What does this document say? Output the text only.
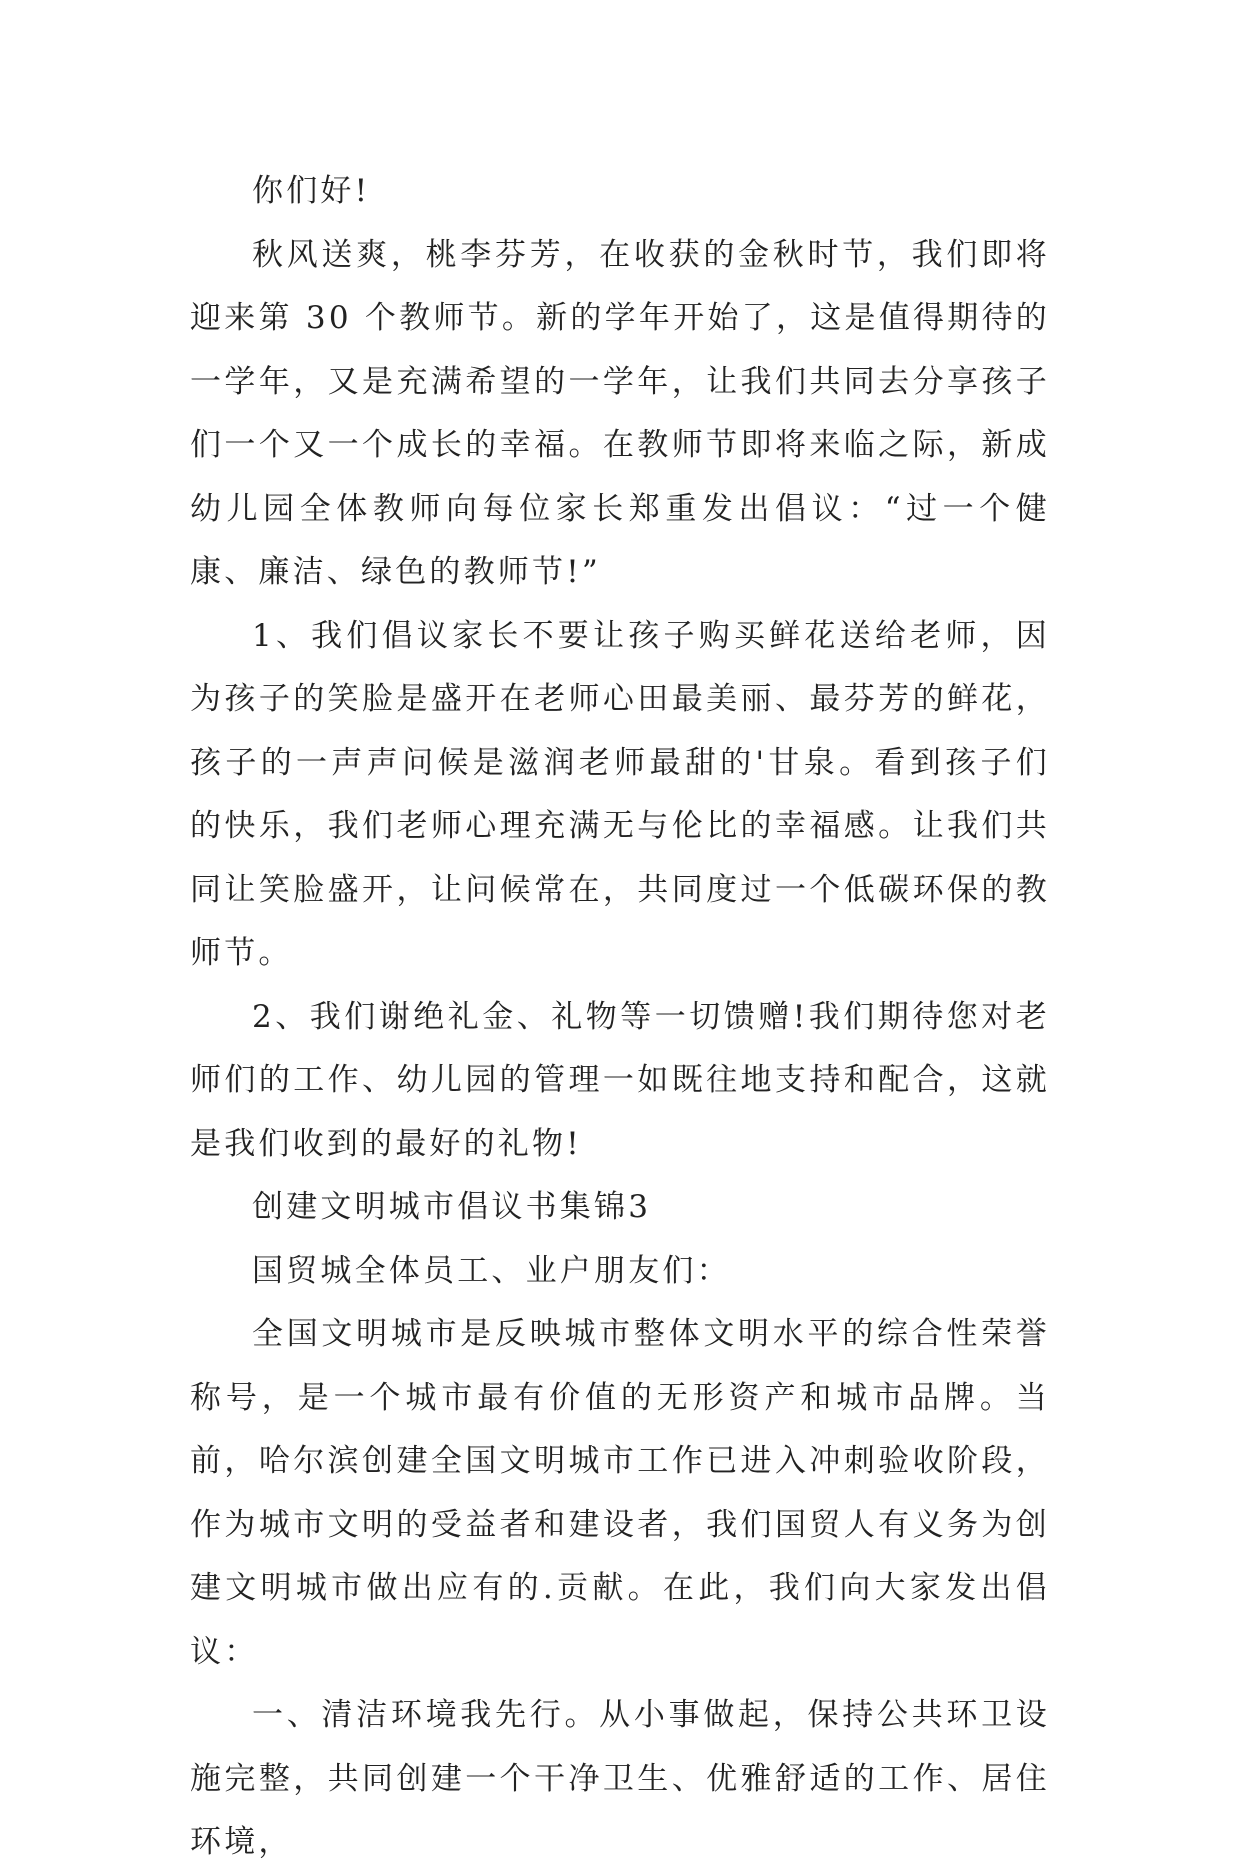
你们好!

秋风送爽，桃李芬芳，在收获的金秋时节，我们即将迎来第 30 个教师节。新的学年开始了，这是值得期待的一学年，又是充满希望的一学年，让我们共同去分享孩子们一个又一个成长的幸福。在教师节即将来临之际，新成幼儿园全体教师向每位家长郑重发出倡议：“过一个健康、廉洁、绿色的教师节!”

1、我们倡议家长不要让孩子购买鲜花送给老师，因为孩子的笑脸是盛开在老师心田最美丽、最芬芳的鲜花，孩子的一声声问候是滋润老师最甜的'甘泉。看到孩子们的快乐，我们老师心理充满无与伦比的幸福感。让我们共同让笑脸盛开，让问候常在，共同度过一个低碳环保的教师节。

2、我们谢绝礼金、礼物等一切馈赠!我们期待您对老师们的工作、幼儿园的管理一如既往地支持和配合，这就是我们收到的最好的礼物!

创建文明城市倡议书集锦3

国贸城全体员工、业户朋友们：

全国文明城市是反映城市整体文明水平的综合性荣誉称号，是一个城市最有价值的无形资产和城市品牌。当前，哈尔滨创建全国文明城市工作已进入冲刺验收阶段，作为城市文明的受益者和建设者，我们国贸人有义务为创建文明城市做出应有的.贡献。在此，我们向大家发出倡议：

一、清洁环境我先行。从小事做起，保持公共环卫设施完整，共同创建一个干净卫生、优雅舒适的工作、居住环境，
